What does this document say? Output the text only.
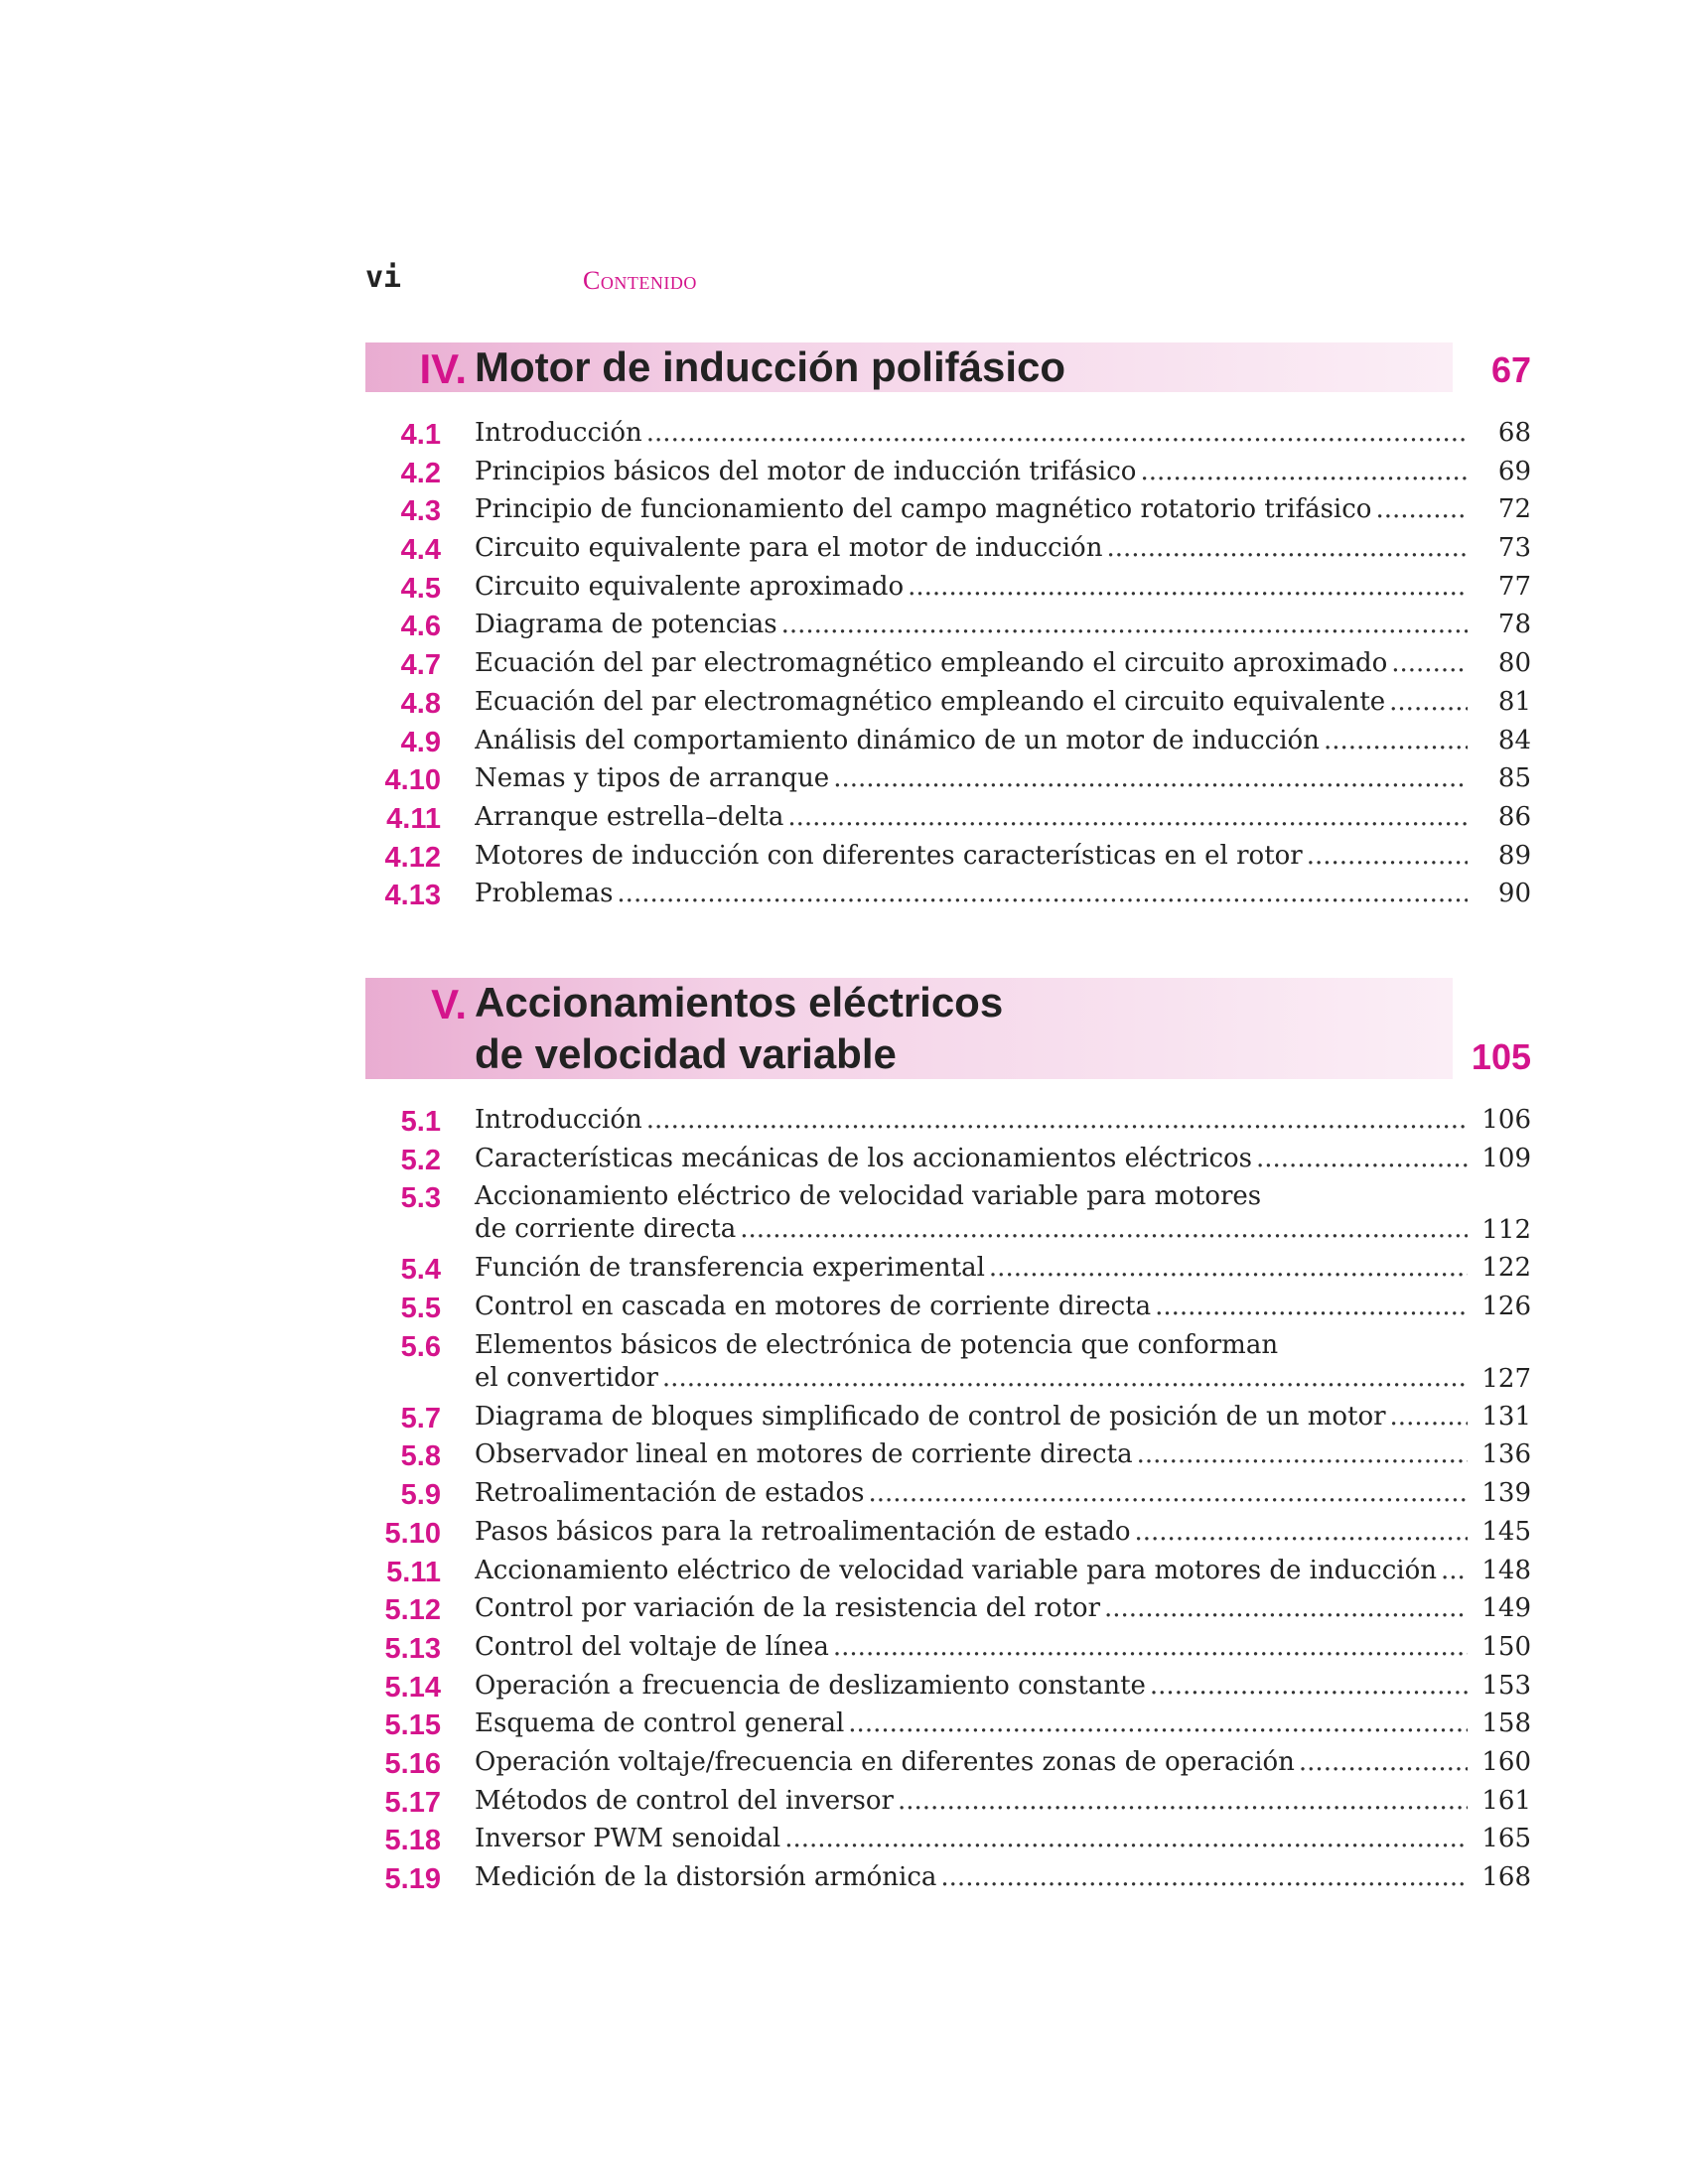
vi	Contenido
IV. Motor de inducción polifásico	67
4.1 Introducción .....	68
4.2 Principios básicos del motor de inducción trifásico .....	69
4.3 Principio de funcionamiento del campo magnético rotatorio trifásico .....	72
4.4 Circuito equivalente para el motor de inducción .....	73
4.5 Circuito equivalente aproximado .....	77
4.6 Diagrama de potencias .....	78
4.7 Ecuación del par electromagnético empleando el circuito aproximado .....	80
4.8 Ecuación del par electromagnético empleando el circuito equivalente .....	81
4.9 Análisis del comportamiento dinámico de un motor de inducción .....	84
4.10 Nemas y tipos de arranque .....	85
4.11 Arranque estrella–delta .....	86
4.12 Motores de inducción con diferentes características en el rotor .....	89
4.13 Problemas .....	90
V. Accionamientos eléctricos
de velocidad variable	105
5.1 Introducción .....	106
5.2 Características mecánicas de los accionamientos eléctricos .....	109
5.3 Accionamiento eléctrico de velocidad variable para motores
de corriente directa .....	112
5.4 Función de transferencia experimental .....	122
5.5 Control en cascada en motores de corriente directa .....	126
5.6 Elementos básicos de electrónica de potencia que conforman
el convertidor .....	127
5.7 Diagrama de bloques simplificado de control de posición de un motor .....	131
5.8 Observador lineal en motores de corriente directa .....	136
5.9 Retroalimentación de estados .....	139
5.10 Pasos básicos para la retroalimentación de estado .....	145
5.11 Accionamiento eléctrico de velocidad variable para motores de inducción .....	148
5.12 Control por variación de la resistencia del rotor .....	149
5.13 Control del voltaje de línea .....	150
5.14 Operación a frecuencia de deslizamiento constante .....	153
5.15 Esquema de control general .....	158
5.16 Operación voltaje/frecuencia en diferentes zonas de operación .....	160
5.17 Métodos de control del inversor .....	161
5.18 Inversor PWM senoidal .....	165
5.19 Medición de la distorsión armónica .....	168
